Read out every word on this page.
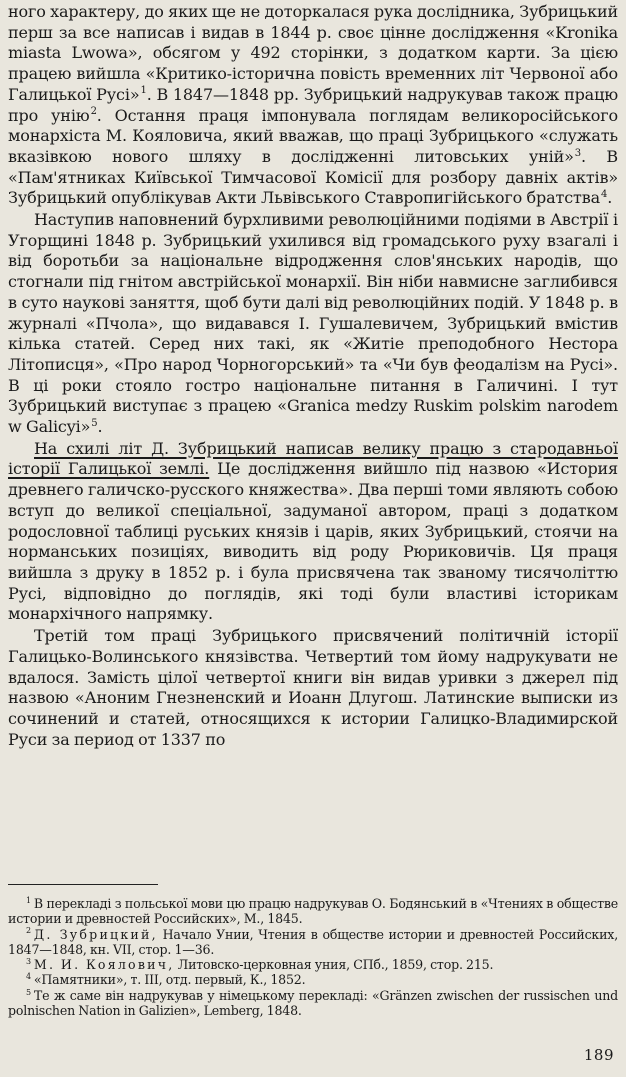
ного характеру, до яких ще не доторкалася рука дослідника, Зубрицький перш за все написав і видав в 1844 р. своє цінне дослідження «Kronika miasta Lwowa», обсягом у 492 сторінки, з додатком карти. За цією працею вийшла «Критико-історична повість временних літ Червоної або Галицької Русі»$^1$. В 1847—1848 рр. Зубрицький надрукував також працю про унію$^2$. Остання праця імпонувала поглядам великоросійського монархіста М. Кояловича, який вважав, що праці Зубрицького «служать вказівкою нового шляху в дослідженні литовських уній»$^3$. В «Пам'ятниках Київської Тимчасової Комісії для розбору давніх актів» Зубрицький опублікував Акти Львівського Ставропигійського братства$^4$.

Наступив наповнений бурхливими революційними подіями в Австрії і Угорщині 1848 р. Зубрицький ухилився від громадського руху взагалі і від боротьби за національне відродження слов'янських народів, що стогнали під гнітом австрійської монархії. Він ніби навмисне заглибився в суто наукові заняття, щоб бути далі від революційних подій. У 1848 р. в журналі «Пчола», що видавався І. Гушалевичем, Зубрицький вмістив кілька статей. Серед них такі, як «Житіе преподобного Нестора Літописця», «Про народ Чорногорський» та «Чи був феодалізм на Русі». В ці роки стояло гостро національне питання в Галичині. І тут Зубрицький виступає з працею «Granica medzy Ruskim polskim narodem w Galicyi»$^5$.

На схилі літ Д. Зубрицький написав велику працю з стародавньої історії Галицької землі. Це дослідження вийшло під назвою «История древнего галичско-русского княжества». Два перші томи являють собою вступ до великої спеціальної, задуманої автором, праці з додатком родословної таблиці руських князів і царів, яких Зубрицький, стоячи на норманських позиціях, виводить від роду Рюриковичів. Ця праця вийшла з друку в 1852 р. і була присвячена так званому тисячоліттю Русі, відповідно до поглядів, які тоді були властиві історикам монархічного напрямку.

Третій том праці Зубрицького присвячений політичній історії Галицько-Волинського князівства. Четвертий том йому надрукувати не вдалося. Замість цілої четвертої книги він видав уривки з джерел під назвою «Аноним Гнезненский и Иоанн Длугош. Латинские выписки из сочинений и статей, относящихся к истории Галицко-Владимирской Руси за период от 1337 по

$^1$ В перекладі з польської мови цю працю надрукував О. Бодянський в «Чтениях в обществе истории и древностей Российских», М., 1845.

$^2$ Д. Зубрицкий, Начало Унии, Чтения в обществе истории и древностей Российских, 1847—1848, кн. VII, стор. 1—36.

$^3$ М. И. Коялович, Литовско-церковная уния, СПб., 1859, стор. 215.

$^4$ «Памятники», т. III, отд. первый, К., 1852.

$^5$ Те ж саме він надрукував у німецькому перекладі: «Gränzen zwischen der russischen und polnischen Nation in Galizien», Lemberg, 1848.

189
